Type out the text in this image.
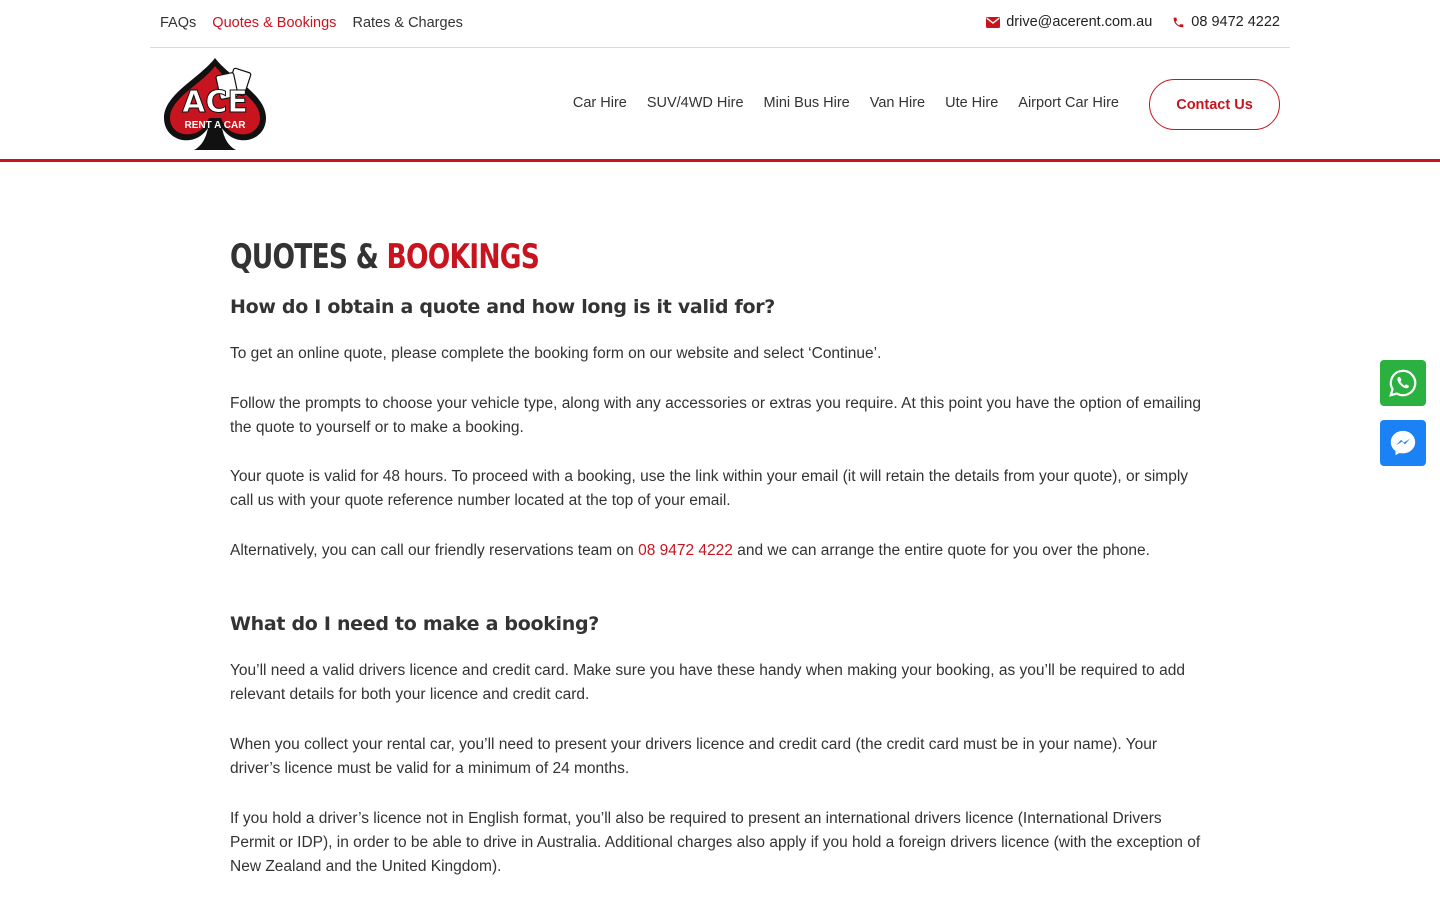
FAQs Quotes & Bookings Rates & Charges	drive@acerent.com.au	08 9472 4222
ACE
RENT A CAR
Car Hire SUV/4WD Hire Mini Bus Hire Van Hire Ute Hire Airport Car Hire	Contact Us
QUOTES & BOOKINGS
How do I obtain a quote and how long is it valid for?

To get an online quote, please complete the booking form on our website and select ‘Continue’.

Follow the prompts to choose your vehicle type, along with any accessories or extras you require. At this point you have the option of emailing the quote to yourself or to make a booking.

Your quote is valid for 48 hours. To proceed with a booking, use the link within your email (it will retain the details from your quote), or simply call us with your quote reference number located at the top of your email.

Alternatively, you can call our friendly reservations team on 08 9472 4222 and we can arrange the entire quote for you over the phone.

What do I need to make a booking?

You’ll need a valid drivers licence and credit card. Make sure you have these handy when making your booking, as you’ll be required to add relevant details for both your licence and credit card.

When you collect your rental car, you’ll need to present your drivers licence and credit card (the credit card must be in your name). Your driver’s licence must be valid for a minimum of 24 months.

If you hold a driver’s licence not in English format, you’ll also be required to present an international drivers licence (International Drivers Permit or IDP), in order to be able to drive in Australia. Additional charges also apply if you hold a foreign drivers licence (with the exception of New Zealand and the United Kingdom).
